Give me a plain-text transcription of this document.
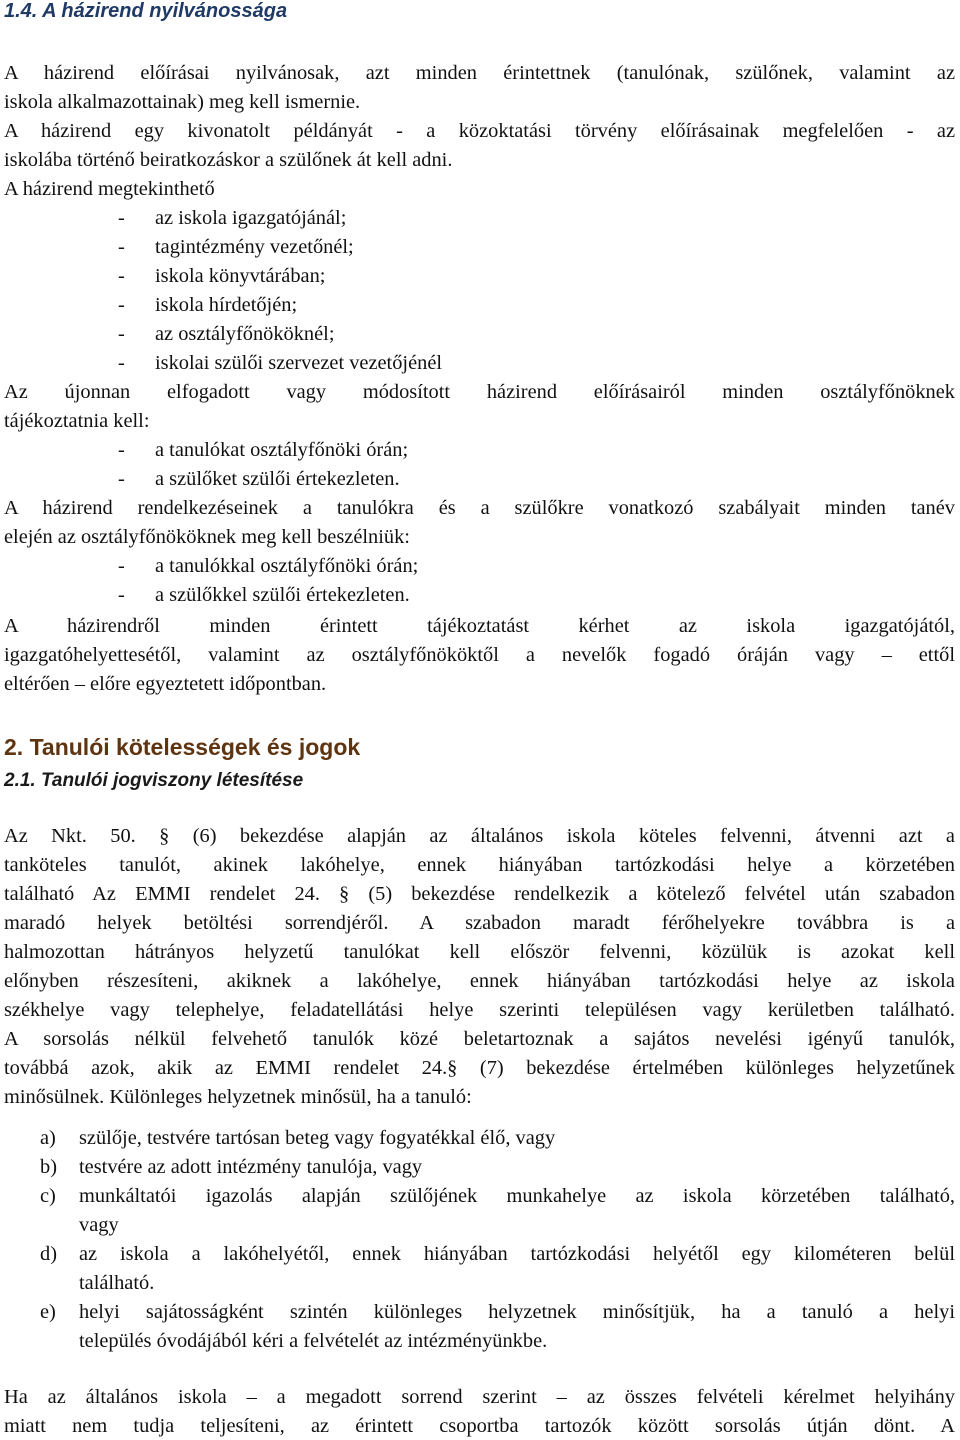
1.4. A házirend nyilvánossága
A házirend előírásai nyilvánosak, azt minden érintettnek (tanulónak, szülőnek, valamint az
iskola alkalmazottainak) meg kell ismernie.
A házirend egy kivonatolt példányát - a közoktatási törvény előírásainak megfelelően - az
iskolába történő beiratkozáskor a szülőnek át kell adni.
A házirend megtekinthető
- az iskola igazgatójánál;
- tagintézmény vezetőnél;
- iskola könyvtárában;
- iskola hírdetőjén;
- az osztályfőnököknél;
- iskolai szülői szervezet vezetőjénél
Az újonnan elfogadott vagy módosított házirend előírásairól minden osztályfőnöknek
tájékoztatnia kell:
- a tanulókat osztályfőnöki órán;
- a szülőket szülői értekezleten.
A házirend rendelkezéseinek a tanulókra és a szülőkre vonatkozó szabályait minden tanév
elején az osztályfőnököknek meg kell beszélniük:
- a tanulókkal osztályfőnöki órán;
- a szülőkkel szülői értekezleten.
A házirendről minden érintett tájékoztatást kérhet az iskola igazgatójától,
igazgatóhelyettesétől, valamint az osztályfőnököktől a nevelők fogadó óráján vagy – ettől
eltérően – előre egyeztetett időpontban.
2. Tanulói kötelességek és jogok
2.1. Tanulói jogviszony létesítése
Az Nkt. 50. § (6) bekezdése alapján az általános iskola köteles felvenni, átvenni azt a
tanköteles tanulót, akinek lakóhelye, ennek hiányában tartózkodási helye a körzetében
található Az EMMI rendelet 24. § (5) bekezdése rendelkezik a kötelező felvétel után szabadon
maradó helyek betöltési sorrendjéről. A szabadon maradt férőhelyekre továbbra is a
halmozottan hátrányos helyzetű tanulókat kell először felvenni, közülük is azokat kell
előnyben részesíteni, akiknek a lakóhelye, ennek hiányában tartózkodási helye az iskola
székhelye vagy telephelye, feladatellátási helye szerinti településen vagy kerületben található.
A sorsolás nélkül felvehető tanulók közé beletartoznak a sajátos nevelési igényű tanulók,
továbbá azok, akik az EMMI rendelet 24.§ (7) bekezdése értelmében különleges helyzetűnek
minősülnek. Különleges helyzetnek minősül, ha a tanuló:
a) szülője, testvére tartósan beteg vagy fogyatékkal élő, vagy
b) testvére az adott intézmény tanulója, vagy
c) munkáltatói igazolás alapján szülőjének munkahelye az iskola körzetében található,
vagy
d) az iskola a lakóhelyétől, ennek hiányában tartózkodási helyétől egy kilométeren belül
található.
e) helyi sajátosságként szintén különleges helyzetnek minősítjük, ha a tanuló a helyi
település óvodájából kéri a felvételét az intézményünkbe.
Ha az általános iskola – a megadott sorrend szerint – az összes felvételi kérelmet helyihány
miatt nem tudja teljesíteni, az érintett csoportba tartozók között sorsolás útján dönt. A
